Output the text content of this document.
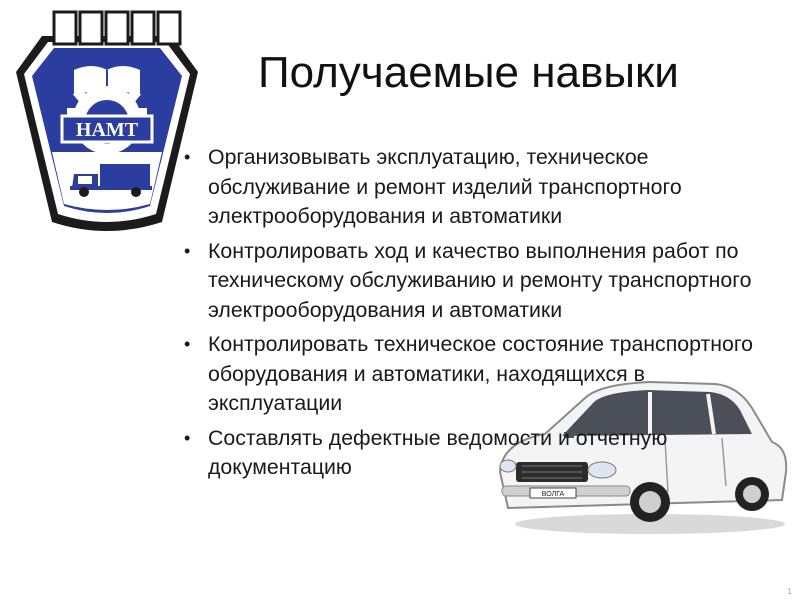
НАМТ
Получаемые навыки
ВОЛГА
• Организовывать эксплуатацию, техническое обслуживание и ремонт изделий транспортного электрооборудования и автоматики
• Контролировать ход и качество выполнения работ по техническому обслуживанию и ремонту транспортного электрооборудования и автоматики
• Контролировать техническое состояние транспортного оборудования и автоматики, находящихся в эксплуатации
• Составлять дефектные ведомости и отчетную документацию
1
